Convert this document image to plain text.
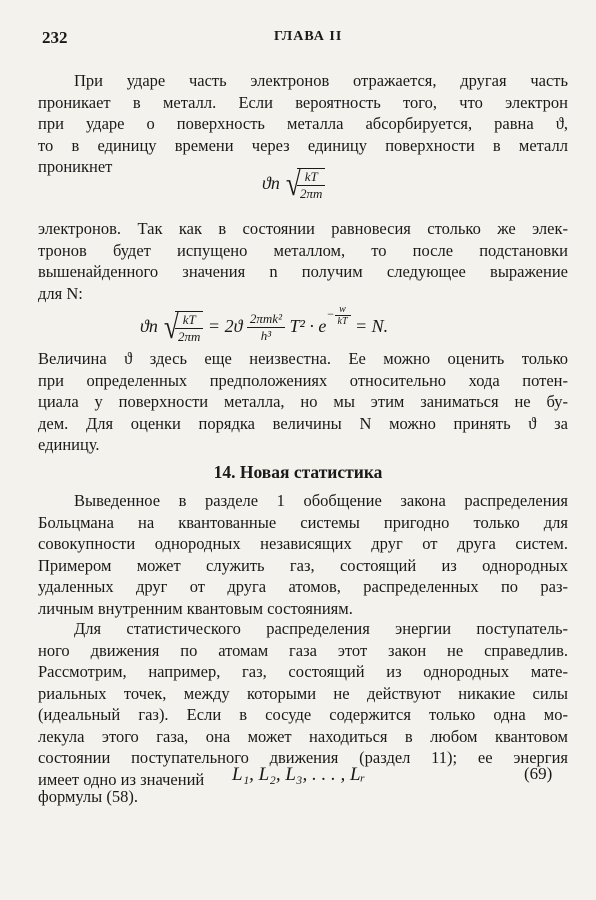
232	ГЛАВА II
При ударе часть электронов отражается, другая часть
проникает в металл. Если вероятность того, что электрон
при ударе о поверхность металла абсорбируется, равна ϑ,
то в единицу времени через единицу поверхности в металл
проникнет
ϑn √
$\frac{kT}{2\pi m}$
электронов. Так как в состоянии равновесия столько же элек-
тронов будет испущено металлом, то после подстановки
вышенайденного значения n получим следующее выражение
для N:
ϑn √
$\frac{kT}{2\pi m} = 2ϑ \frac{\text{2πmk²}}{\text{h³}} T^2 \cdot e^{- \frac{w}{kT}} = N$.
Величина ϑ здесь еще неизвестна. Ее можно оценить только
при определенных предположениях относительно хода потен-
циала у поверхности металла, но мы этим заниматься не бу-
дем. Для оценки порядка величины N можно принять ϑ за
единицу.
14. Новая статистика
Выведенное в разделе 1 обобщение закона распределения
Больцмана на квантованные системы пригодно только для
совокупности однородных независящих друг от друга систем.
Примером может служить газ, состоящий из однородных
удаленных друг от друга атомов, распределенных по раз-
личным внутренним квантовым состояниям.
Для статистического распределения энергии поступатель-
ного движения по атомам газа этот закон не справедлив.
Рассмотрим, например, газ, состоящий из однородных мате-
риальных точек, между которыми не действуют никакие силы
(идеальный газ). Если в сосуде содержится только одна мо-
лекула этого газа, она может находиться в любом квантовом
состоянии поступательного движения (раздел 11); ее энергия
имеет одно из значений	L₁, L₂, L₃, . . . , Lᵣ	(69)
формулы (58).
